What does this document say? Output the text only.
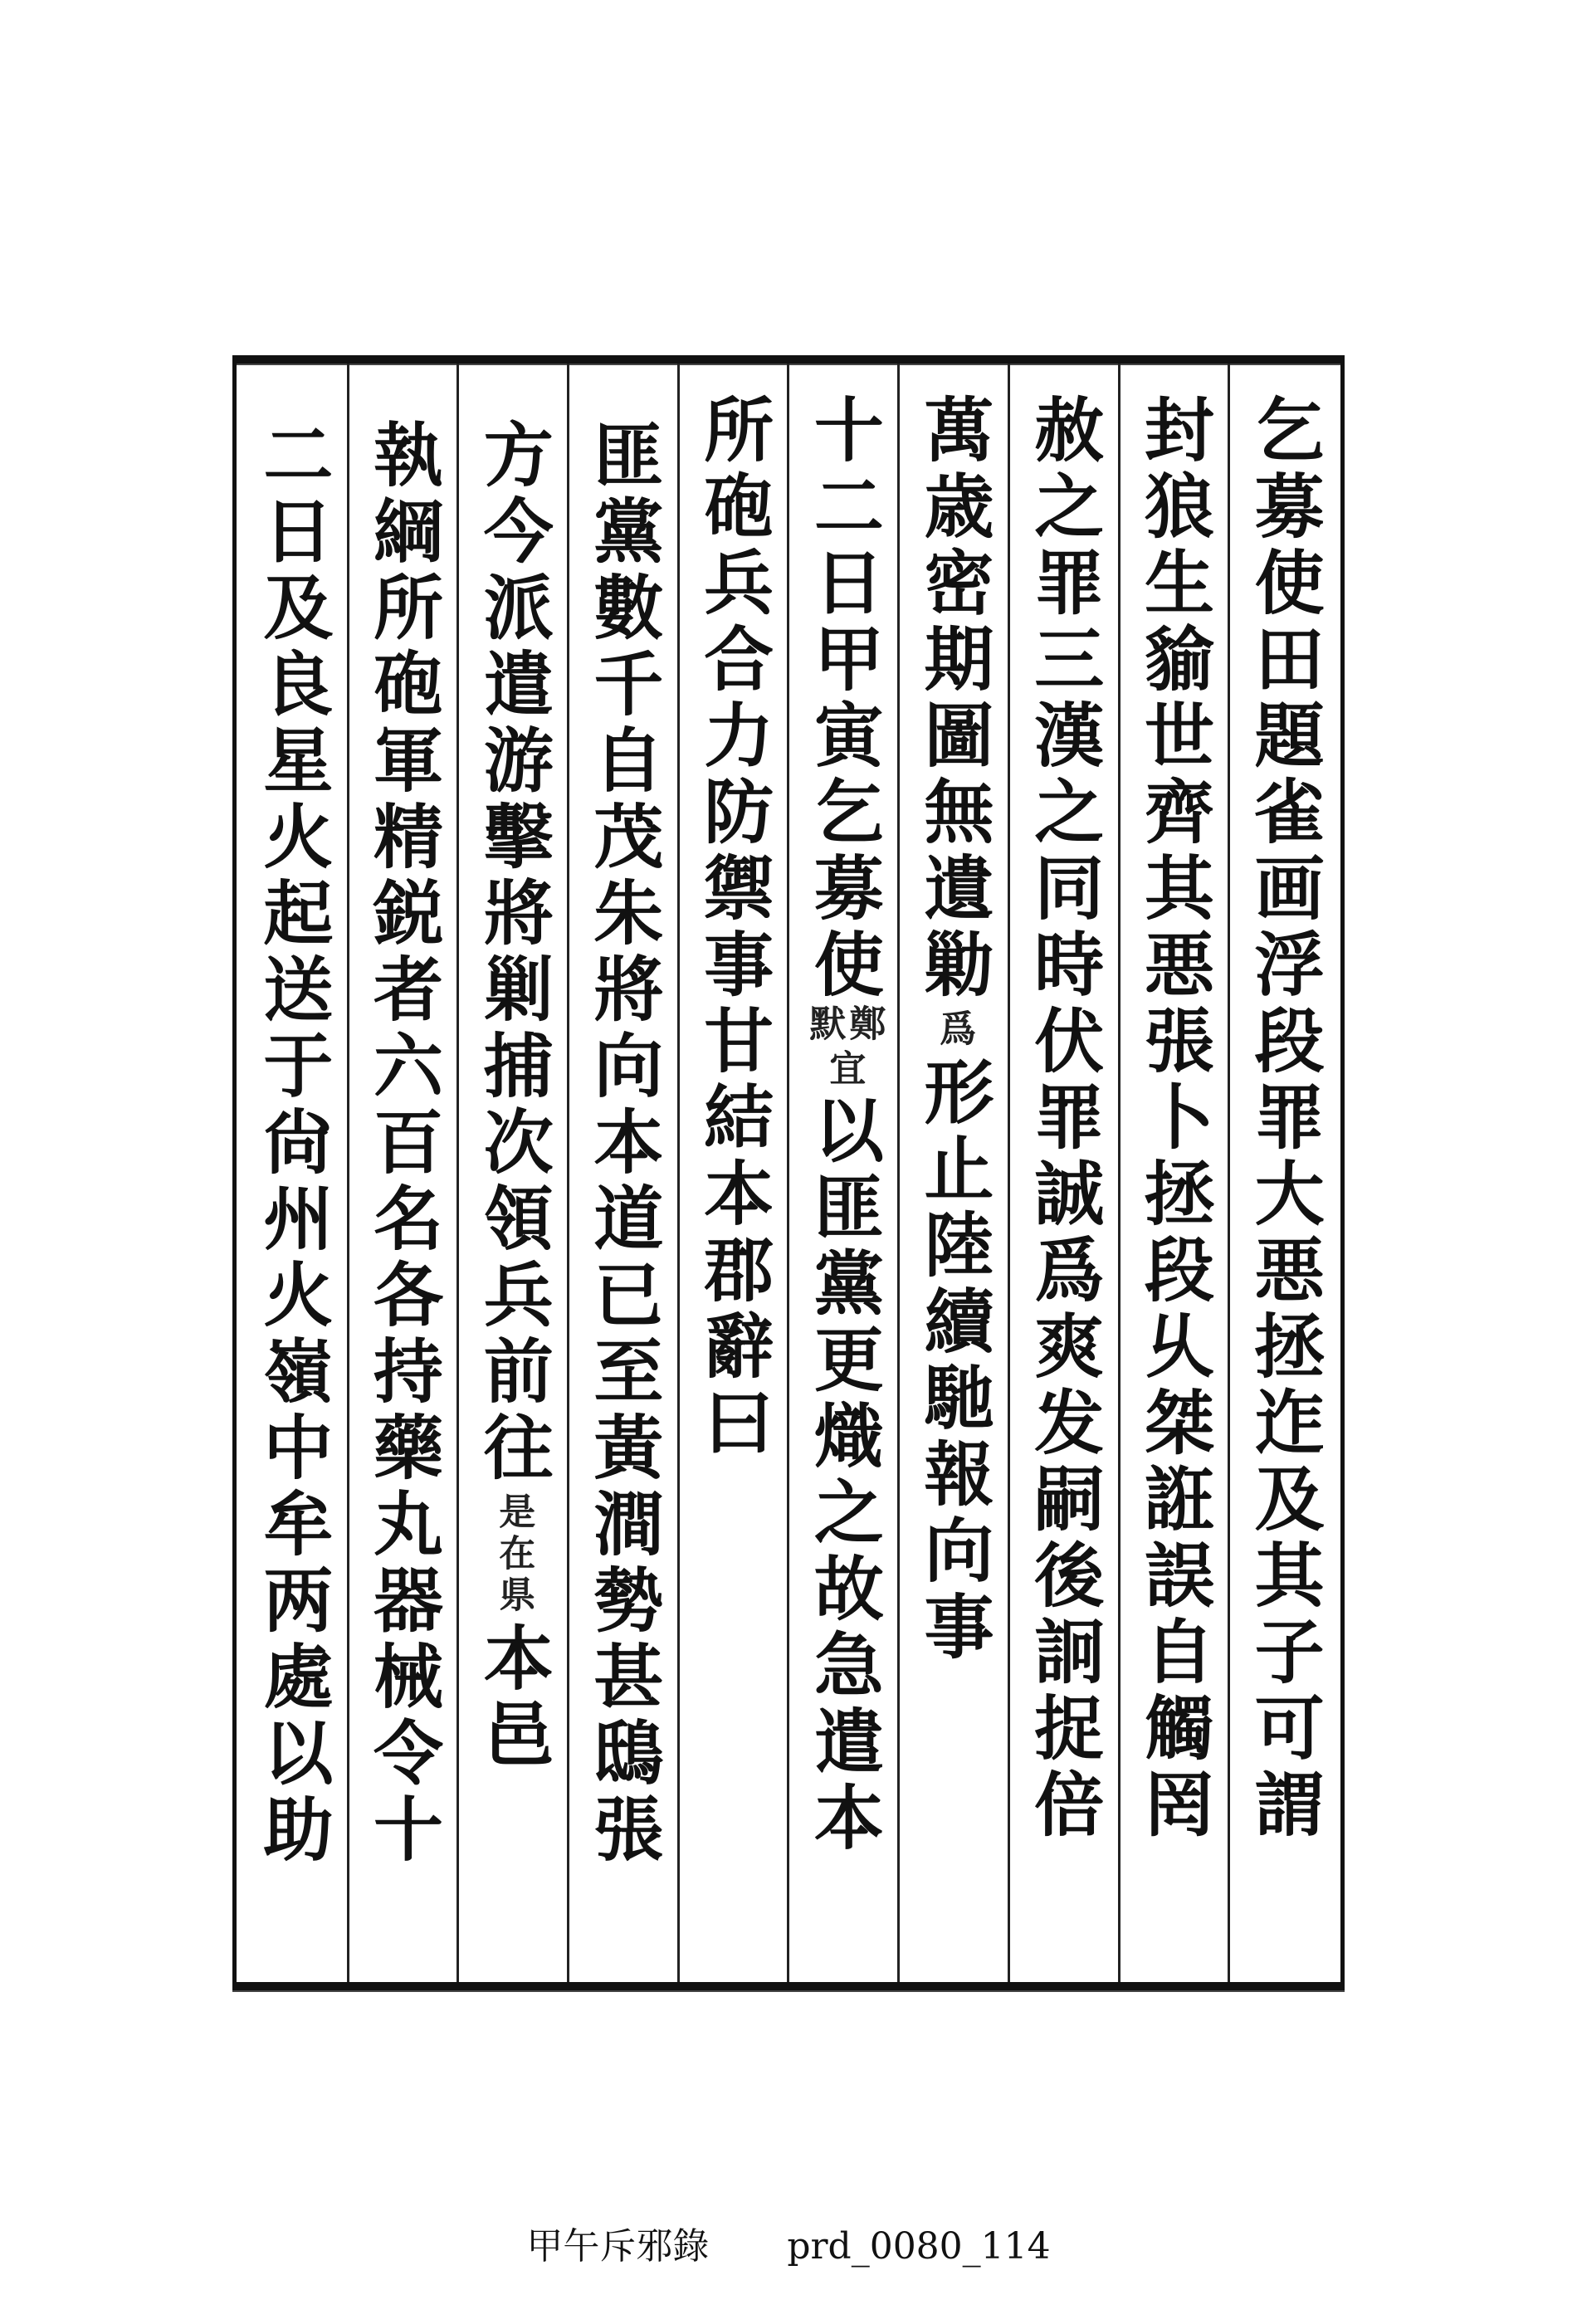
乞募使田題雀画浮段罪大悪拯迮及其子可謂
封狼生貐世齊其悪張卜拯段乆桀誑誤自觸罔
赦之罪三漢之同時伏罪誠爲爽发嗣後詗捉倍
萬歳密期圖無遺勦
爲
形止陸續馳報向事
十二日甲寅乞募使
鄭
默
宜
以匪黨更熾之故急遣本
所砲兵合力防禦事甘結本郡辭曰
匪黨數千自茂朱將向本道已至黃澗勢甚鴟張
方今派遣游擊將剿捕次領兵前往
是
在
県
本邑
執綱所砲軍精鋭者六百名各持藥丸器械令十
二日及良星火起送于尙州火嶺中牟两處以助
甲午斥邪錄 prd_0080_114
